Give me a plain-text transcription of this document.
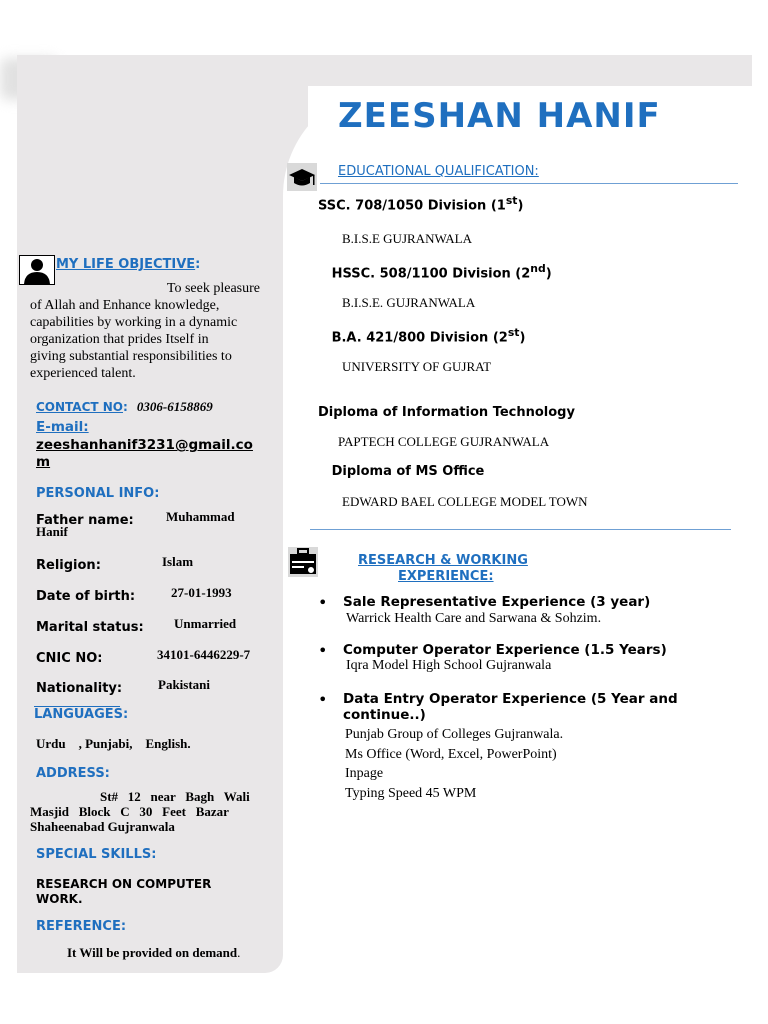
ZEESHAN HANIF
EDUCATIONAL QUALIFICATION:
SSC. 708/1050 Division (1st)
B.I.S.E GUJRANWALA
HSSC. 508/1100 Division (2nd)
B.I.S.E. GUJRANWALA
B.A. 421/800 Division (2st)
UNIVERSITY OF GUJRAT
Diploma of Information Technology
PAPTECH COLLEGE GUJRANWALA
Diploma of MS Office
EDWARD BAEL COLLEGE MODEL TOWN
RESEARCH & WORKING
EXPERIENCE:
• Sale Representative Experience (3 year)
Warrick Health Care and Sarwana & Sohzim.
• Computer Operator Experience (1.5 Years)
Iqra Model High School Gujranwala
• Data Entry Operator Experience (5 Year and
continue..)
Punjab Group of Colleges Gujranwala.
Ms Office (Word, Excel, PowerPoint)
Inpage
Typing Speed 45 WPM
MY LIFE OBJECTIVE:
To seek pleasure
of Allah and Enhance knowledge,
capabilities by working in a dynamic
organization that prides Itself in
giving substantial responsibilities to
experienced talent.
CONTACT NO: 0306-6158869
E-mail:
zeeshanhanif3231@gmail.co
m
PERSONAL INFO:
Father name: Muhammad
Hanif
Religion:	Islam
Date of birth:	27-01-1993
Marital status: Unmarried
CNIC NO:	34101-6446229-7
Nationality:	Pakistani
LANGUAGES:
Urdu    , Punjabi,    English.
ADDRESS:
St#   12   near   Bagh   Wali
Masjid   Block   C   30   Feet   Bazar
Shaheenabad Gujranwala
SPECIAL SKILLS:
RESEARCH ON COMPUTER
WORK.
REFERENCE:
It Will be provided on demand.
